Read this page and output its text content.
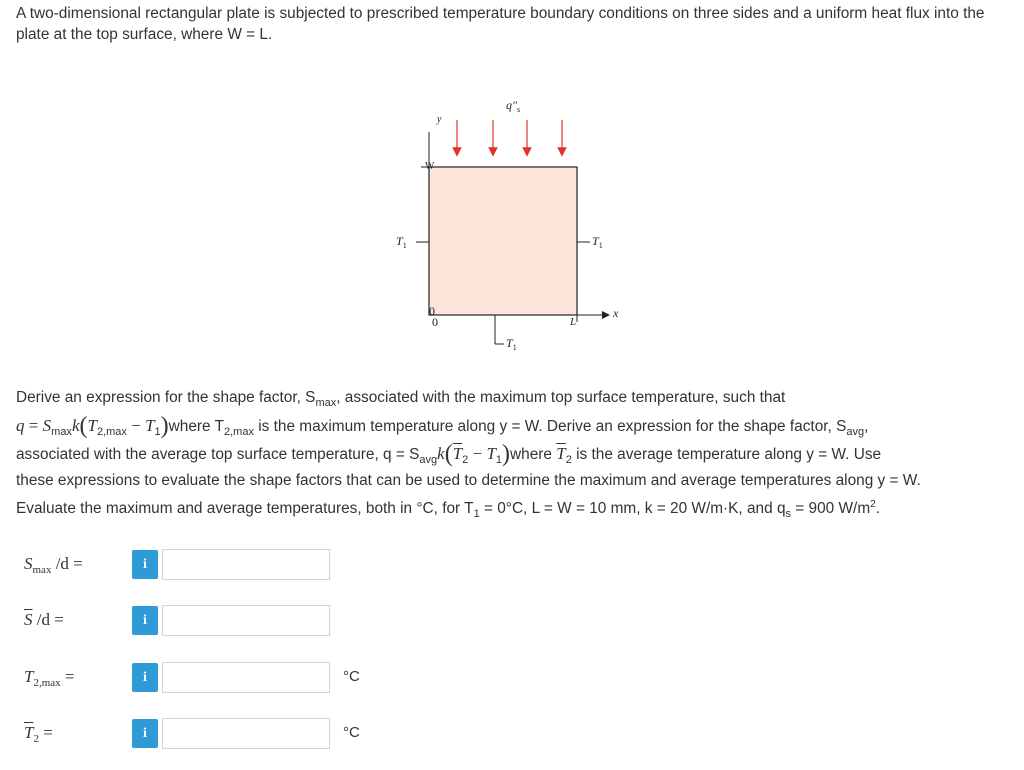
A two-dimensional rectangular plate is subjected to prescribed temperature boundary conditions on three sides and a uniform heat flux into the plate at the top surface, where W = L.
$q"_s$
y
W
$T_1$	$T_1$
$T_1$
0
0	L
x
Derive an expression for the shape factor, $S_{max}$, associated with the maximum top surface temperature, such that
$q = S_{max}k(T_{2,max}$ − $T_1)where$ $T_{2,max}$ is the maximum temperature along y = W. Derive an expression for the shape factor, $S_{avg}$,
associated with the average top surface temperature, $q = S_{avg}k(\overline{T}_2$ − $T_1)where$ $\overline{T}_2$ is the average temperature along y = W. Use
these expressions to evaluate the shape factors that can be used to determine the maximum and average temperatures along y = W.
Evaluate the maximum and average temperatures, both in °C, for $T_1 = 0^\circ C$, L = W = 10 mm, k = 20 W/m·K, and $q_s = 900$ $W/m^2$.
$S_{max}$ /d =	i
$\overline{S}$ /d =	i
$T_{2,max}$ =	i	°C
$\overline{T}_2$ =	i	°C
